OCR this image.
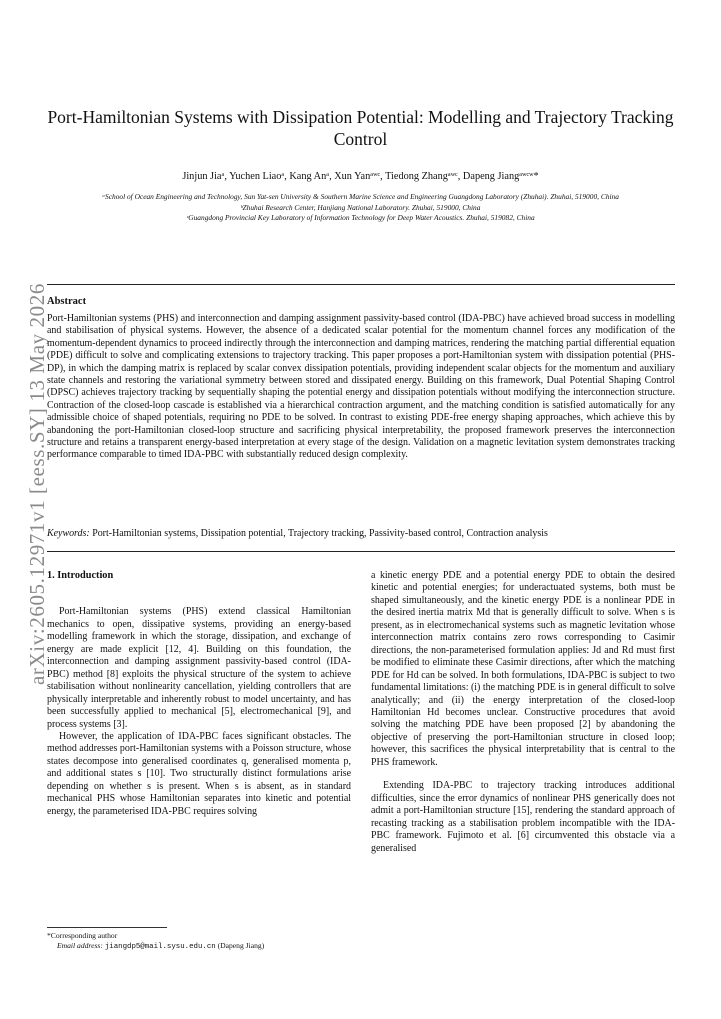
Port-Hamiltonian Systems with Dissipation Potential: Modelling and Trajectory Tracking Control
Jinjun Jiaᵃ, Yuchen Liaoᵃ, Kang Anᵃ, Xun Yanᵃʷᶜ, Tiedong Zhangᵃʷᶜ, Dapeng Jiangᵃʷᶜʷ*
ᵃSchool of Ocean Engineering and Technology, Sun Yat-sen University & Southern Marine Science and Engineering Guangdong Laboratory (Zhuhai). Zhuhai, 519000, China
ᵇZhuhai Research Center, Hanjiang National Laboratory. Zhuhai, 519000, China
ᶜGuangdong Provincial Key Laboratory of Information Technology for Deep Water Acoustics. Zhuhai, 519082, China
arXiv:2605.12971v1 [eess.SY] 13 May 2026
Abstract
Port-Hamiltonian systems (PHS) and interconnection and damping assignment passivity-based control (IDA-PBC) have achieved broad success in modelling and stabilisation of physical systems. However, the absence of a dedicated scalar potential for the momentum channel forces any modification of the momentum-dependent dynamics to proceed indirectly through the interconnection and damping matrices, rendering the matching partial differential equation (PDE) difficult to solve and complicating extensions to trajectory tracking. This paper proposes a port-Hamiltonian system with dissipation potential (PHS-DP), in which the damping matrix is replaced by scalar convex dissipation potentials, providing independent scalar objects for the momentum and auxiliary state channels and restoring the variational symmetry between stored and dissipated energy. Building on this framework, Dual Potential Shaping Control (DPSC) achieves trajectory tracking by sequentially shaping the potential energy and dissipation potentials without modifying the interconnection structure. Contraction of the closed-loop cascade is established via a hierarchical contraction argument, and the matching condition is satisfied automatically for any admissible choice of shaped potentials, requiring no PDE to be solved. In contrast to existing PDE-free energy shaping approaches, which achieve this by abandoning the port-Hamiltonian closed-loop structure and sacrificing physical interpretability, the proposed framework preserves the interconnection structure and retains a transparent energy-based interpretation at every stage of the design. Validation on a magnetic levitation system demonstrates tracking performance comparable to timed IDA-PBC with substantially reduced design complexity.
Keywords: Port-Hamiltonian systems, Dissipation potential, Trajectory tracking, Passivity-based control, Contraction analysis
1. Introduction

Port-Hamiltonian systems (PHS) extend classical Hamiltonian mechanics to open, dissipative systems, providing an energy-based modelling framework in which the storage, dissipation, and exchange of energy are made explicit [12, 4]. Building on this foundation, the interconnection and damping assignment passivity-based control (IDA-PBC) method [8] exploits the physical structure of the system to achieve stabilisation without nonlinearity cancellation, yielding controllers that are physically interpretable and inherently robust to model uncertainty, and has been successfully applied to mechanical [5], electromechanical [9], and process systems [3].

However, the application of IDA-PBC faces significant obstacles. The method addresses port-Hamiltonian systems with a Poisson structure, whose states decompose into generalised coordinates q, generalised momenta p, and additional states s [10]. Two structurally distinct formulations arise depending on whether s is present. When s is absent, as in standard mechanical PHS whose Hamiltonian separates into kinetic and potential energy, the parameterised IDA-PBC requires solving

a kinetic energy PDE and a potential energy PDE to obtain the desired kinetic and potential energies; for underactuated systems, both must be shaped simultaneously, and the kinetic energy PDE is a nonlinear PDE in the desired inertia matrix Md that is generally difficult to solve. When s is present, as in electromechanical systems such as magnetic levitation whose interconnection matrix contains zero rows corresponding to Casimir directions, the non-parameterised formulation applies: Jd and Rd must first be modified to eliminate these Casimir directions, after which the matching PDE for Hd can be solved. In both formulations, IDA-PBC is subject to two fundamental limitations: (i) the matching PDE is in general difficult to solve analytically; and (ii) the energy interpretation of the closed-loop Hamiltonian Hd becomes unclear. Constructive procedures that avoid solving the matching PDE have been proposed [2] by abandoning the objective of preserving the port-Hamiltonian structure in closed loop; however, this sacrifices the physical interpretability that is central to the PHS framework.

Extending IDA-PBC to trajectory tracking introduces additional difficulties, since the error dynamics of nonlinear PHS generically does not admit a port-Hamiltonian structure [15], rendering the standard approach of recasting tracking as a stabilisation problem incompatible with the IDA-PBC framework. Fujimoto et al. [6] circumvented this obstacle via a generalised

*Corresponding author
Email address: jiangdp5@mail.sysu.edu.cn (Dapeng Jiang)
